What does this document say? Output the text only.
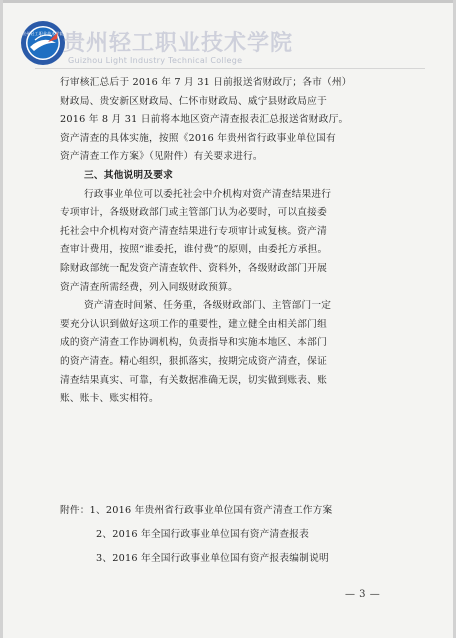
贵州轻工职业技术学院 贵州轻工职业技术学院
Guizhou Light Industry Technical College
行审核汇总后于 2016 年 7 月 31 日前报送省财政厅；各市（州）
财政局、贵安新区财政局、仁怀市财政局、威宁县财政局应于
2016 年 8 月 31 日前将本地区资产清查报表汇总报送省财政厅。
资产清查的具体实施，按照《2016 年贵州省行政事业单位国有
资产清查工作方案》（见附件）有关要求进行。
三、其他说明及要求
行政事业单位可以委托社会中介机构对资产清查结果进行
专项审计，各级财政部门或主管部门认为必要时，可以直接委
托社会中介机构对资产清查结果进行专项审计或复核。资产清
查审计费用，按照“谁委托，谁付费”的原则，由委托方承担。
除财政部统一配发资产清查软件、资料外，各级财政部门开展
资产清查所需经费，列入同级财政预算。
资产清查时间紧、任务重，各级财政部门、主管部门一定
要充分认识到做好这项工作的重要性，建立健全由相关部门组
成的资产清查工作协调机构，负责指导和实施本地区、本部门
的资产清查。精心组织，狠抓落实，按期完成资产清查，保证
清查结果真实、可靠，有关数据准确无误，切实做到账表、账
账、账卡、账实相符。
附件：1、2016 年贵州省行政事业单位国有资产清查工作方案
2、2016 年全国行政事业单位国有资产清查报表
3、2016 年全国行政事业单位国有资产报表编制说明
— 3 —
